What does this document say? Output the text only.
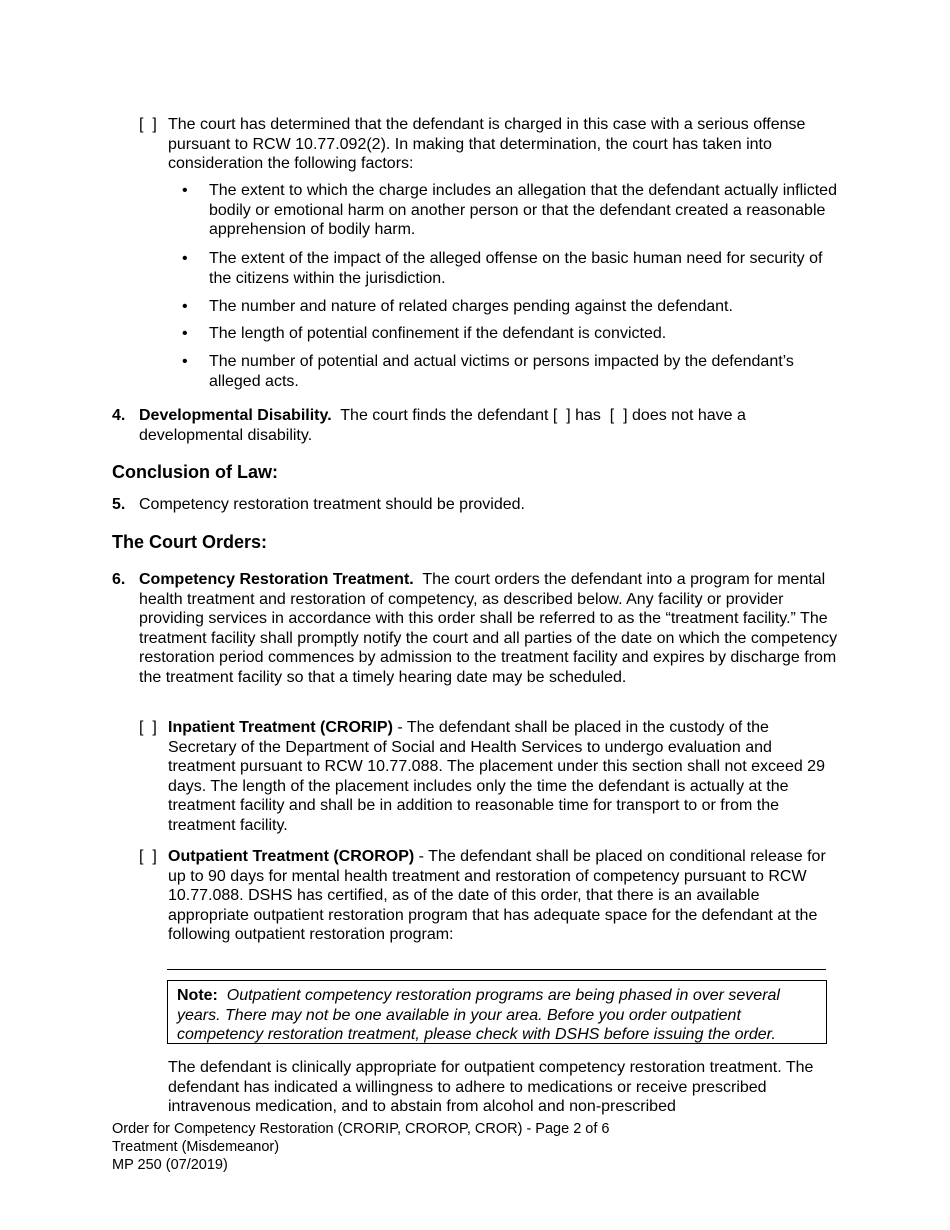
[  ] The court has determined that the defendant is charged in this case with a serious offense pursuant to RCW 10.77.092(2). In making that determination, the court has taken into consideration the following factors:
• The extent to which the charge includes an allegation that the defendant actually inflicted bodily or emotional harm on another person or that the defendant created a reasonable apprehension of bodily harm.
• The extent of the impact of the alleged offense on the basic human need for security of the citizens within the jurisdiction.
• The number and nature of related charges pending against the defendant.
• The length of potential confinement if the defendant is convicted.
• The number of potential and actual victims or persons impacted by the defendant’s alleged acts.
4. Developmental Disability. The court finds the defendant [  ] has [  ] does not have a developmental disability.
Conclusion of Law:
5. Competency restoration treatment should be provided.
The Court Orders:
6. Competency Restoration Treatment. The court orders the defendant into a program for mental health treatment and restoration of competency, as described below. Any facility or provider providing services in accordance with this order shall be referred to as the “treatment facility.” The treatment facility shall promptly notify the court and all parties of the date on which the competency restoration period commences by admission to the treatment facility and expires by discharge from the treatment facility so that a timely hearing date may be scheduled.
[  ] Inpatient Treatment (CRORIP) - The defendant shall be placed in the custody of the Secretary of the Department of Social and Health Services to undergo evaluation and treatment pursuant to RCW 10.77.088. The placement under this section shall not exceed 29 days. The length of the placement includes only the time the defendant is actually at the treatment facility and shall be in addition to reasonable time for transport to or from the treatment facility.
[  ] Outpatient Treatment (CROROP) - The defendant shall be placed on conditional release for up to 90 days for mental health treatment and restoration of competency pursuant to RCW 10.77.088. DSHS has certified, as of the date of this order, that there is an available appropriate outpatient restoration program that has adequate space for the defendant at the following outpatient restoration program:
Note: Outpatient competency restoration programs are being phased in over several years. There may not be one available in your area. Before you order outpatient competency restoration treatment, please check with DSHS before issuing the order.
The defendant is clinically appropriate for outpatient competency restoration treatment. The defendant has indicated a willingness to adhere to medications or receive prescribed intravenous medication, and to abstain from alcohol and non-prescribed
Order for Competency Restoration (CRORIP, CROROP, CROR) - Page 2 of 6
Treatment (Misdemeanor)
MP 250 (07/2019)
